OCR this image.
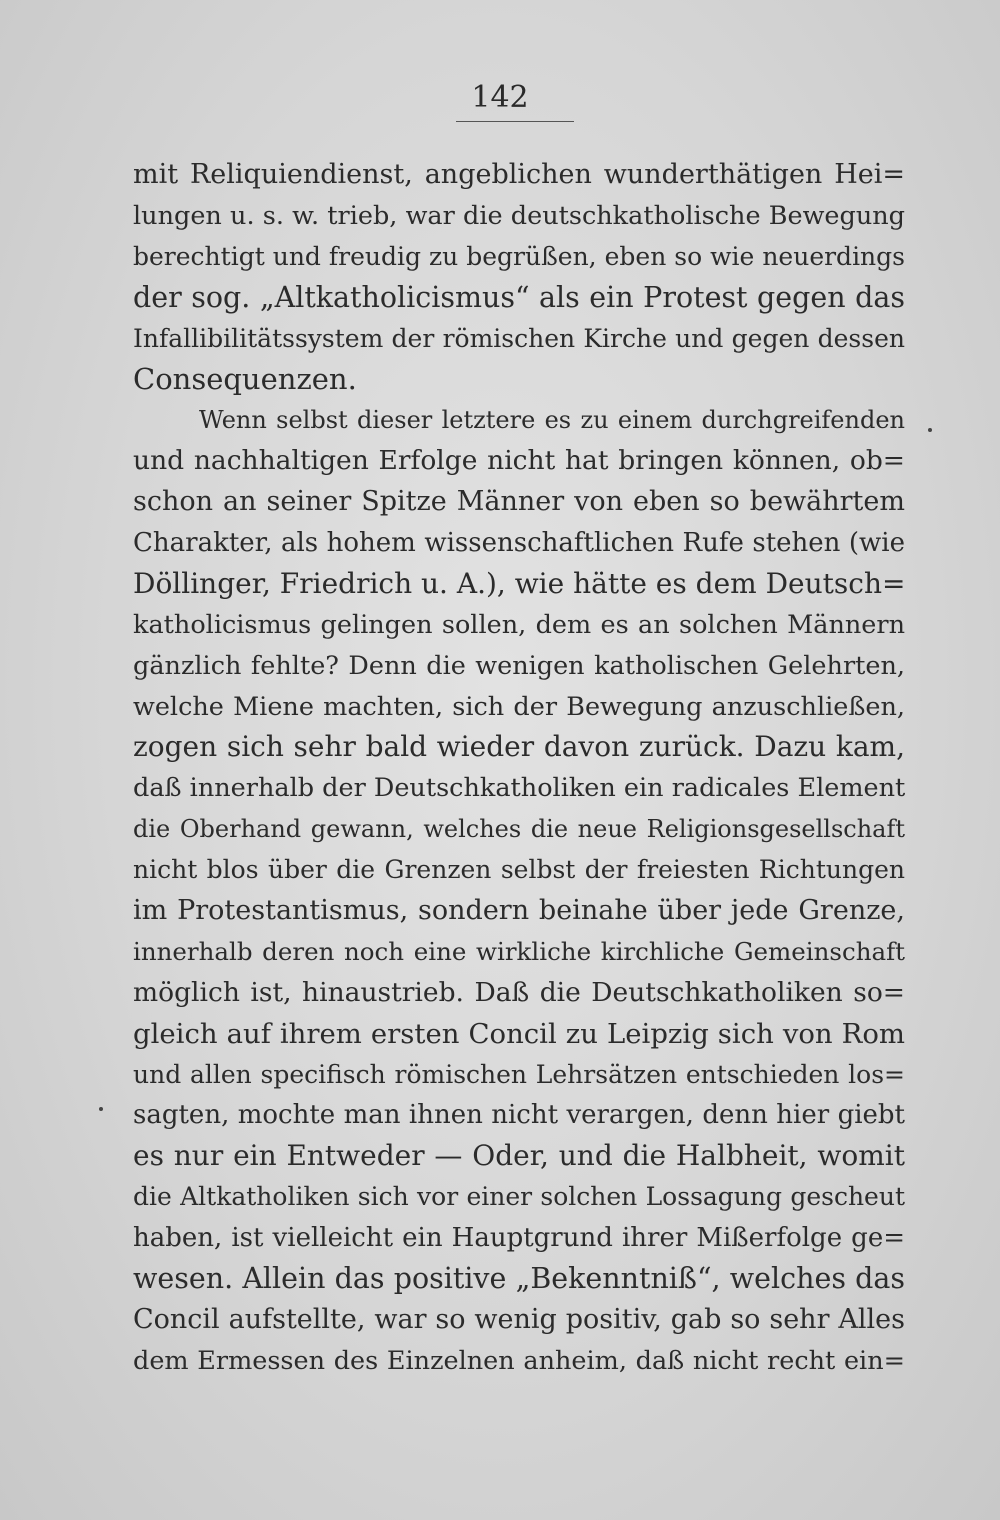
142
mit Reliquiendienst, angeblichen wunderthätigen Hei=
lungen u. s. w. trieb, war die deutschkatholische Bewegung
berechtigt und freudig zu begrüßen, eben so wie neuerdings
der sog. „Altkatholicismus“ als ein Protest gegen das
Infallibilitätssystem der römischen Kirche und gegen dessen
Consequenzen.
Wenn selbst dieser letztere es zu einem durchgreifenden
und nachhaltigen Erfolge nicht hat bringen können, ob=
schon an seiner Spitze Männer von eben so bewährtem
Charakter, als hohem wissenschaftlichen Rufe stehen (wie
Döllinger, Friedrich u. A.), wie hätte es dem Deutsch=
katholicismus gelingen sollen, dem es an solchen Männern
gänzlich fehlte? Denn die wenigen katholischen Gelehrten,
welche Miene machten, sich der Bewegung anzuschließen,
zogen sich sehr bald wieder davon zurück. Dazu kam,
daß innerhalb der Deutschkatholiken ein radicales Element
die Oberhand gewann, welches die neue Religionsgesellschaft
nicht blos über die Grenzen selbst der freiesten Richtungen
im Protestantismus, sondern beinahe über jede Grenze,
innerhalb deren noch eine wirkliche kirchliche Gemeinschaft
möglich ist, hinaustrieb. Daß die Deutschkatholiken so=
gleich auf ihrem ersten Concil zu Leipzig sich von Rom
und allen specifisch römischen Lehrsätzen entschieden los=
sagten, mochte man ihnen nicht verargen, denn hier giebt
es nur ein Entweder — Oder, und die Halbheit, womit
die Altkatholiken sich vor einer solchen Lossagung gescheut
haben, ist vielleicht ein Hauptgrund ihrer Mißerfolge ge=
wesen. Allein das positive „Bekenntniß“, welches das
Concil aufstellte, war so wenig positiv, gab so sehr Alles
dem Ermessen des Einzelnen anheim, daß nicht recht ein=
